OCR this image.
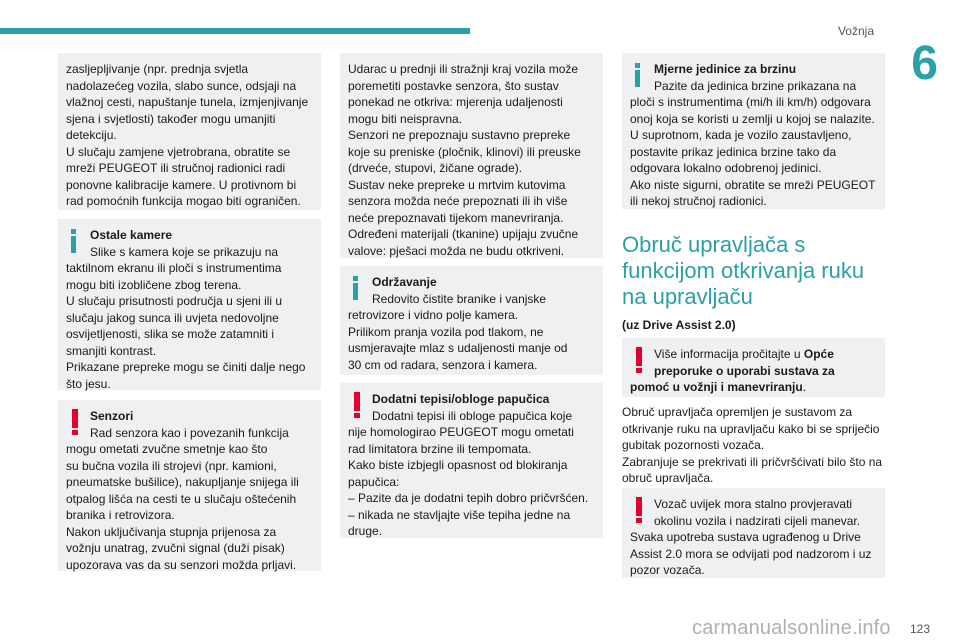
Vožnja
6

zasljepljivanje (npr. prednja svjetla

nadolazećeg vozila, slabo sunce, odsjaji na

vlažnoj cesti, napuštanje tunela, izmjenjivanje

sjena i svjetlosti) također mogu umanjiti

detekciju.

U slučaju zamjene vjetrobrana, obratite se

mreži PEUGEOT ili stručnoj radionici radi

ponovne kalibracije kamere. U protivnom bi

rad pomoćnih funkcija mogao biti ograničen.

Ostale kamere
Slike s kamera koje se prikazuju na

taktilnom ekranu ili ploči s instrumentima

mogu biti izobličene zbog terena.

U slučaju prisutnosti područja u sjeni ili u

slučaju jakog sunca ili uvjeta nedovoljne

osvijetljenosti, slika se može zatamniti i

smanjiti kontrast.

Prikazane prepreke mogu se činiti dalje nego

što jesu.

Senzori
Rad senzora kao i povezanih funkcija

mogu ometati zvučne smetnje kao što

su bučna vozila ili strojevi (npr. kamioni,

pneumatske bušilice), nakupljanje snijega ili

otpalog lišća na cesti te u slučaju oštećenih

branika i retrovizora.

Nakon uključivanja stupnja prijenosa za

vožnju unatrag, zvučni signal (duži pisak)

upozorava vas da su senzori možda prljavi.

Udarac u prednji ili stražnji kraj vozila može

poremetiti postavke senzora, što sustav

ponekad ne otkriva: mjerenja udaljenosti

mogu biti neispravna.

Senzori ne prepoznaju sustavno prepreke

koje su preniske (pločnik, klinovi) ili preuske

(drveće, stupovi, žičane ograde).

Sustav neke prepreke u mrtvim kutovima

senzora možda neće prepoznati ili ih više

neće prepoznavati tijekom manevriranja.

Određeni materijali (tkanine) upijaju zvučne

valove: pješaci možda ne budu otkriveni.

Održavanje
Redovito čistite branike i vanjske

retrovizore i vidno polje kamera.

Prilikom pranja vozila pod tlakom, ne

usmjeravajte mlaz s udaljenosti manje od

30 cm od radara, senzora i kamera.

Dodatni tepisi/obloge papučica
Dodatni tepisi ili obloge papučica koje

nije homologirao PEUGEOT mogu ometati

rad limitatora brzine ili tempomata.

Kako biste izbjegli opasnost od blokiranja

papučica:

– Pazite da je dodatni tepih dobro pričvršćen.

– nikada ne stavljajte više tepiha jedne na

druge.

Mjerne jedinice za brzinu
Pazite da jedinica brzine prikazana na

ploči s instrumentima (mi/h ili km/h) odgovara

onoj koja se koristi u zemlji u kojoj se nalazite.

U suprotnom, kada je vozilo zaustavljeno,

postavite prikaz jedinica brzine tako da

odgovara lokalno odobrenoj jedinici.

Ako niste sigurni, obratite se mreži PEUGEOT

ili nekoj stručnoj radionici.

Obruč upravljača s funkcijom otkrivanja ruku na upravljaču
(uz Drive Assist 2.0)
Više informacija pročitajte u Opće
preporuke o uporabi sustava za

pomoć u vožnji i manevriranju.

Obruč upravljača opremljen je sustavom za

otkrivanje ruku na upravljaču kako bi se spriječio

gubitak pozornosti vozača.

Zabranjuje se prekrivati ili pričvršćivati bilo što na

obruč upravljača.

Vozač uvijek mora stalno provjeravati
okolinu vozila i nadzirati cijeli manevar.

Svaka upotreba sustava ugrađenog u Drive

Assist 2.0 mora se odvijati pod nadzorom i uz

pozor vozača.

123
carmanualsonline.info
